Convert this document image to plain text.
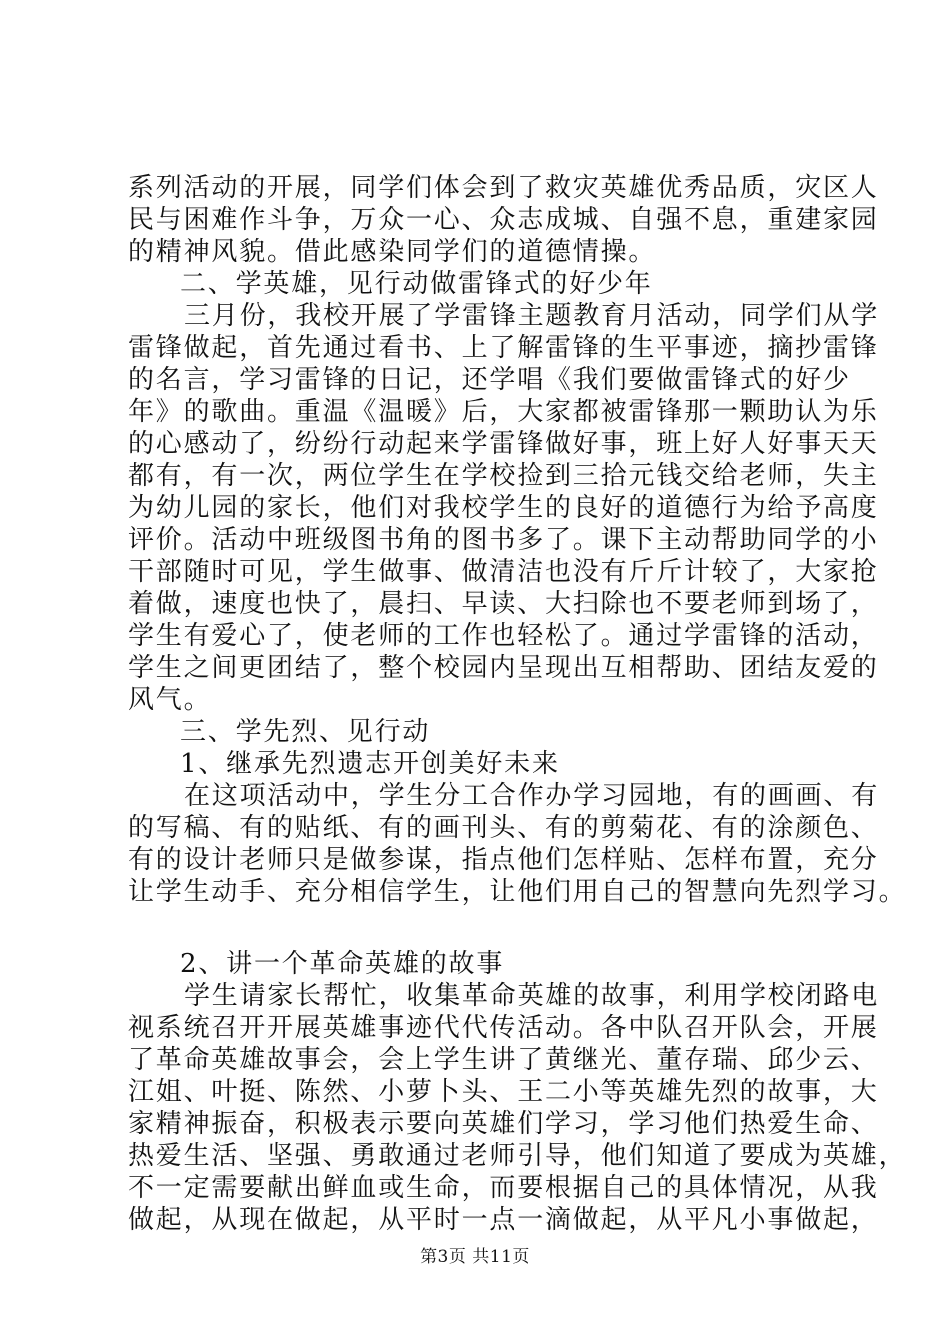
系列活动的开展，同学们体会到了救灾英雄优秀品质，灾区人
民与困难作斗争，万众一心、众志成城、自强不息，重建家园
的精神风貌。借此感染同学们的道德情操。
二、学英雄，见行动做雷锋式的好少年
三月份，我校开展了学雷锋主题教育月活动，同学们从学
雷锋做起，首先通过看书、上了解雷锋的生平事迹，摘抄雷锋
的名言，学习雷锋的日记，还学唱《我们要做雷锋式的好少
年》的歌曲。重温《温暖》后，大家都被雷锋那一颗助认为乐
的心感动了，纷纷行动起来学雷锋做好事，班上好人好事天天
都有，有一次，两位学生在学校捡到三拾元钱交给老师，失主
为幼儿园的家长，他们对我校学生的良好的道德行为给予高度
评价。活动中班级图书角的图书多了。课下主动帮助同学的小
干部随时可见，学生做事、做清洁也没有斤斤计较了，大家抢
着做，速度也快了，晨扫、早读、大扫除也不要老师到场了，
学生有爱心了，使老师的工作也轻松了。通过学雷锋的活动，
学生之间更团结了，整个校园内呈现出互相帮助、团结友爱的
风气。
三、学先烈、见行动
1、继承先烈遗志开创美好未来
在这项活动中，学生分工合作办学习园地，有的画画、有
的写稿、有的贴纸、有的画刊头、有的剪菊花、有的涂颜色、
有的设计老师只是做参谋，指点他们怎样贴、怎样布置，充分
让学生动手、充分相信学生，让他们用自己的智慧向先烈学习。
2、讲一个革命英雄的故事
学生请家长帮忙，收集革命英雄的故事，利用学校闭路电
视系统召开开展英雄事迹代代传活动。各中队召开队会，开展
了革命英雄故事会，会上学生讲了黄继光、董存瑞、邱少云、
江姐、叶挺、陈然、小萝卜头、王二小等英雄先烈的故事，大
家精神振奋，积极表示要向英雄们学习，学习他们热爱生命、
热爱生活、坚强、勇敢通过老师引导，他们知道了要成为英雄，
不一定需要献出鲜血或生命，而要根据自己的具体情况，从我
做起，从现在做起，从平时一点一滴做起，从平凡小事做起，
第3页 共11页
